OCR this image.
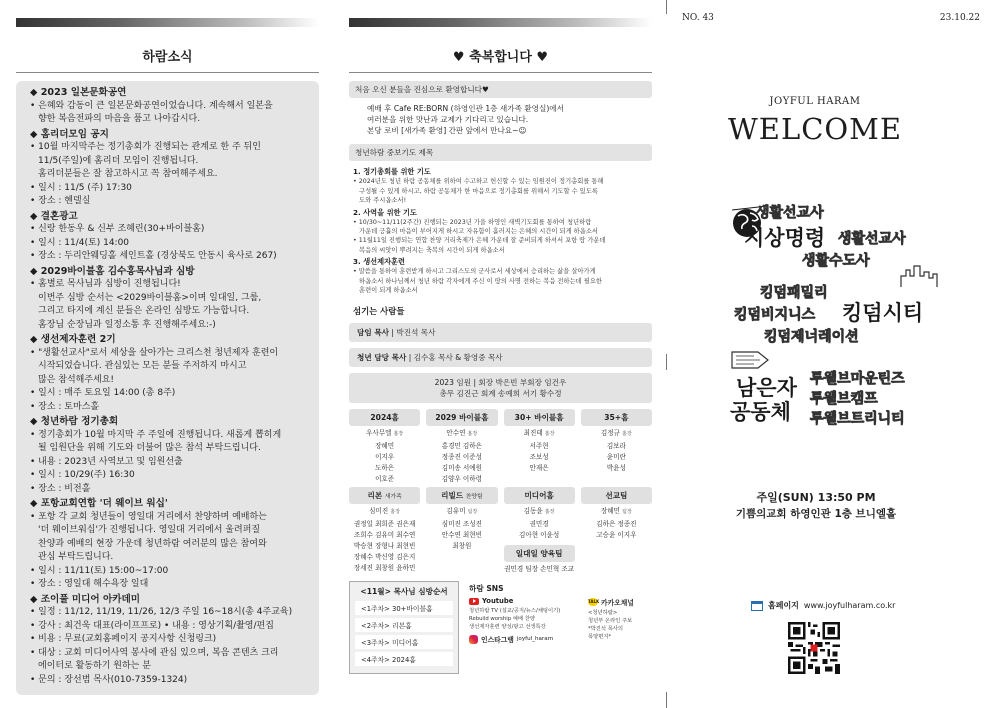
하람소식
◆ 2023 일본문화공연
• 은혜와 감동이 큰 일본문화공연이었습니다. 계속해서 일본을
향한 복음전파의 마음을 품고 나아갑시다.
◆ 홈리더모임 공지
• 10월 마지막주는 정기총회가 진행되는 관계로 한 주 뒤인
11/5(주일)에 홈리더 모임이 진행됩니다.
홈리더분들은 잘 참고하시고 꼭 참여해주세요.
• 일시 : 11/5 (주) 17:30
• 장소 : 헨델실
◆ 결혼광고
• 신랑 한동우 & 신부 조혜린(30+바이블홈)
• 일시 : 11/4(토) 14:00
• 장소 : 두리안웨딩홀 세인트홀 (경상북도 안동시 육사로 267)
◆ 2029바이블홈 김수홍목사님과 심방
• 홈별로 목사님과 심방이 진행됩니다!
이번주 심방 순서는 <2029바이블홈>이며 일대일, 그룹,
그리고 타지에 계신 분들은 온라인 심방도 가능합니다.
홈장님 순장님과 일정소통 후 진행해주세요:-)
◆ 생선제자훈련 2기
• "생활선교사"로서 세상을 살아가는 크리스천 청년제자 훈련이
시작되었습니다. 관심있는 모든 분들 주저하지 마시고
많은 참석해주세요!
• 일시 : 매주 토요일 14:00 (총 8주)
• 장소 : 토마스홀
◆ 청년하람 정기총회
• 정기총회가 10월 마지막 주 주일에 진행됩니다. 새롭게 뽑히게
될 임원단을 위해 기도와 더불어 많은 참석 부탁드립니다.
• 내용 : 2023년 사역보고 및 임원선출
• 일시 : 10/29(주) 16:30
• 장소 : 비전홀
◆ 포항교회연합 '더 웨이브 워십'
• 포항 각 교회 청년들이 영일대 거리에서 찬양하며 예배하는
'더 웨이브워십'가 진행됩니다. 영일대 거리에서 울려퍼질
찬양과 예배의 현장 가운데 청년하람 여러분의 많은 참여와
관심 부탁드립니다.
• 일시 : 11/11(토) 15:00~17:00
• 장소 : 영일대 해수욕장 일대
◆ 조이풀 미디어 아카데미
• 일정 : 11/12, 11/19, 11/26, 12/3 주일 16~18시(총 4주교육)
• 강사 : 최건욱 대표(라이프프로) • 내용 : 영상기획/촬영/편집
• 비용 : 무료(교회홈페이지 공지사항 신청링크)
• 대상 : 교회 미디어사역 봉사에 관심 있으며, 복음 콘텐츠 크리
에이터로 활동하기 원하는 분
• 문의 : 장선범 목사(010-7359-1324)
♥ 축복합니다 ♥
처음 오신 분들을 진심으로 환영합니다♥
예배 후 Cafe RE:BORN (하영인관 1층 새가족 환영실)에서
여러분을 위한 맛난과 교제가 기다리고 있습니다.
본당 로비 [새가족 환영] 간판 앞에서 만나요~☺
청년하람 중보기도 제목
1. 정기총회를 위한 기도
• 2024년도 청년 하람 공동체를 위하여 수고하고 헌신할 수 있는 임원진이 정기총회를 통해
구성될 수 있게 하시고, 하람 공동체가 한 마음으로 정기총회를 위해서 기도할 수 있도록
도와 주시옵소서!
2. 사역을 위한 기도
• 10/30~11/11(2주간) 진행되는 2023년 가을 하영인 새벽기도회를 통하여 청년하람
가운데 긍휼의 마음이 부어지게 하시고 자유함이 흘러지는 은혜의 시간이 되게 하옵소서
• 11월11일 진행되는 연합 찬양 거리축제가 은혜 가운데 잘 준비되게 하셔서 포항 땅 가운데
복음의 씨앗이 뿌려지는 축복의 시간이 되게 하옵소서
3. 생선제자훈련
• 말씀을 통하여 훈련받게 하시고 그리스도의 군사로서 세상에서 승리하는 삶을 살아가게
하옵소서 하나님께서 청년 하람 각자에게 주신 이 땅의 사명 전하는 복음 전하는데 필요한
훈련이 되게 하옵소서
섬기는 사람들
담임 목사 | 박진석 목사
청년 담당 목사 | 김수홍 목사 & 황영중 목사
2023 임원 | 회장 박은빈 부회장 임건우
총무 김진근 회계 송예희 서기 황수정
2024홈
우사무엘 홈장
장혜민
이지우
도하은
이호준
2029 바이블홈
안수연 홈장
홍경민 김하은
정종진 이준성
김미송 서예원
김양우 이하령
30+ 바이블홈
최진태 홈장
서주현
조보성
안재은
35+홈
김정규 홈장
김보라
윤미란
박윤성
리본 새가족
심미진 홈장
권정일 최희준 권은재
조희수 김유미 최수연
박승현 장형나 최현빈
장혜수 박신영 김은지
장세진 최창원 윤하민
리빌드 찬양팀
김유미 팀장
심미진 조성진
안수연 최현빈
최창원
미디어홈
김동윤 홈장
권민경
김아현 이윤성
일대일 양육팀
권민경 팀장 손민혁 조교
선교팀
장혜민 팀장
김하은 정종진
고승윤 이지우
<11월> 목사님 심방순서
<1주차> 30+바이블홈
<2주차> 리본홈
<3주차> 미디어홈
<4주차> 2024홈
하람 SNS
Youtube
청년하람 TV (설교/공지/뉴스/채팅이기)
Rebuild worship 예배 찬양
생선제자훈련 양성/광고 선생특강
인스타그램 joyful_haram
TALK 카카오채널
<청년하람>
청년부 온라인 주보
*박진석 목사의
목양편지*
NO. 43	23.10.22
JOYFUL HARAM
WELCOME
생활선교사
지상명령 생활선교사
생활수도사
킹덤패밀리
킹덤비지니스 킹덤시티
킹덤제너레이션
남은자
공동체
투웰브마운틴즈
투웰브캠프
투웰브트리니티
주일(SUN) 13:50 PM
기쁨의교회 하영인관 1층 브니엘홀
홈페이지 www.joyfulharam.co.kr
